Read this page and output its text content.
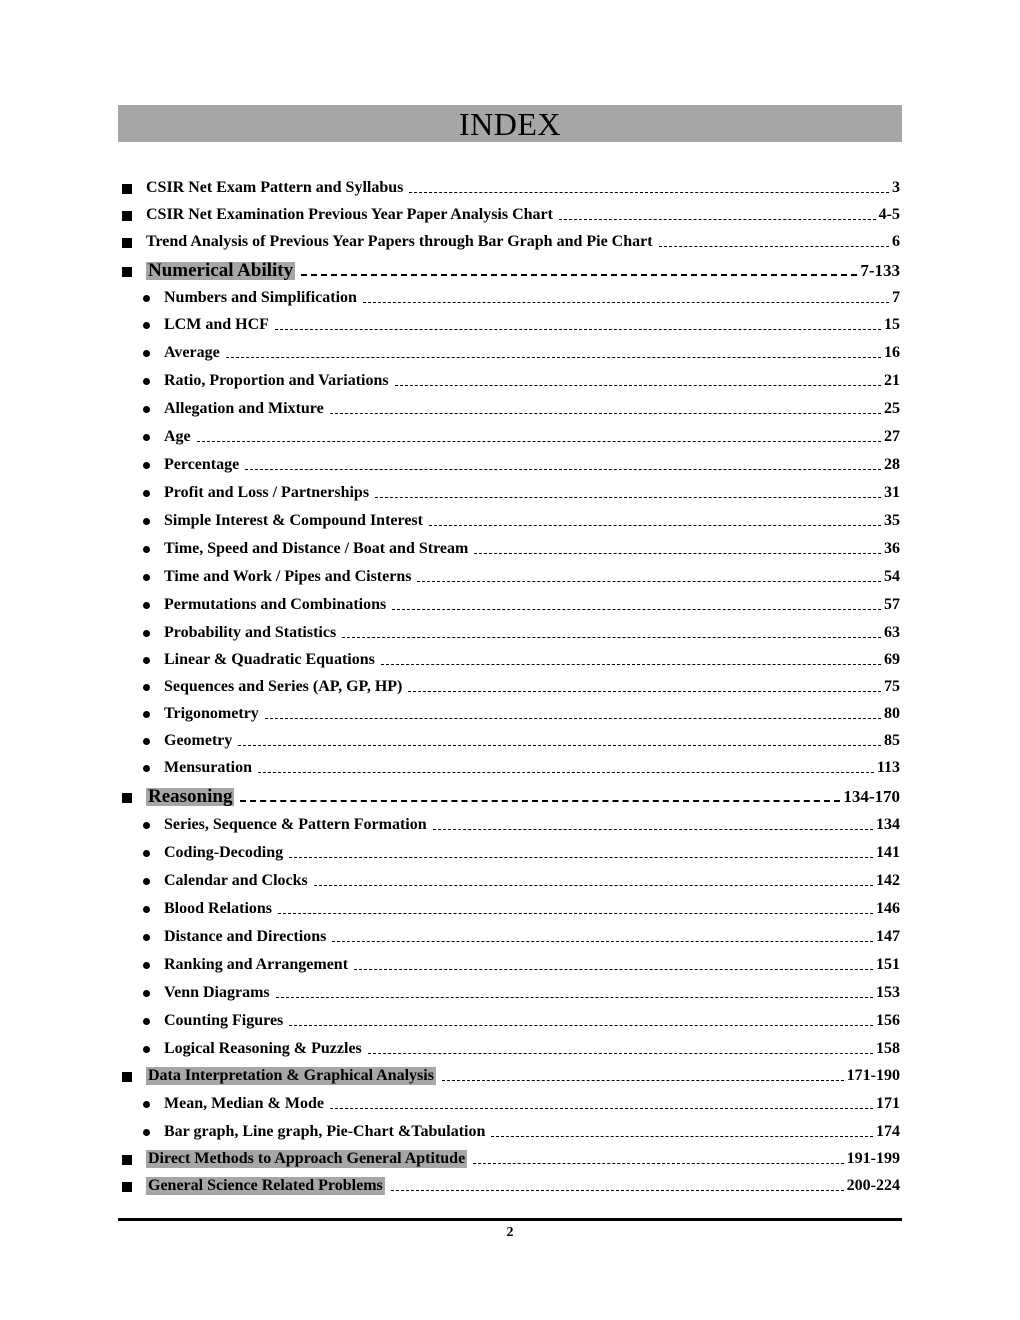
INDEX
CSIR Net Exam Pattern and Syllabus	3
CSIR Net Examination Previous Year Paper Analysis Chart	4-5
Trend Analysis of Previous Year Papers through Bar Graph and Pie Chart	6
Numerical Ability	7-133
Numbers and Simplification	7
LCM and HCF	15
Average	16
Ratio, Proportion and Variations	21
Allegation and Mixture	25
Age	27
Percentage	28
Profit and Loss / Partnerships	31
Simple Interest & Compound Interest	35
Time, Speed and Distance / Boat and Stream	36
Time and Work / Pipes and Cisterns	54
Permutations and Combinations	57
Probability and Statistics	63
Linear & Quadratic Equations	69
Sequences and Series (AP, GP, HP)	75
Trigonometry	80
Geometry	85
Mensuration	113
Reasoning	134-170
Series, Sequence & Pattern Formation	134
Coding-Decoding	141
Calendar and Clocks	142
Blood Relations	146
Distance and Directions	147
Ranking and Arrangement	151
Venn Diagrams	153
Counting Figures	156
Logical Reasoning & Puzzles	158
Data Interpretation & Graphical Analysis	171-190
Mean, Median & Mode	171
Bar graph, Line graph, Pie-Chart &Tabulation	174
Direct Methods to Approach General Aptitude	191-199
General Science Related Problems	200-224
2
